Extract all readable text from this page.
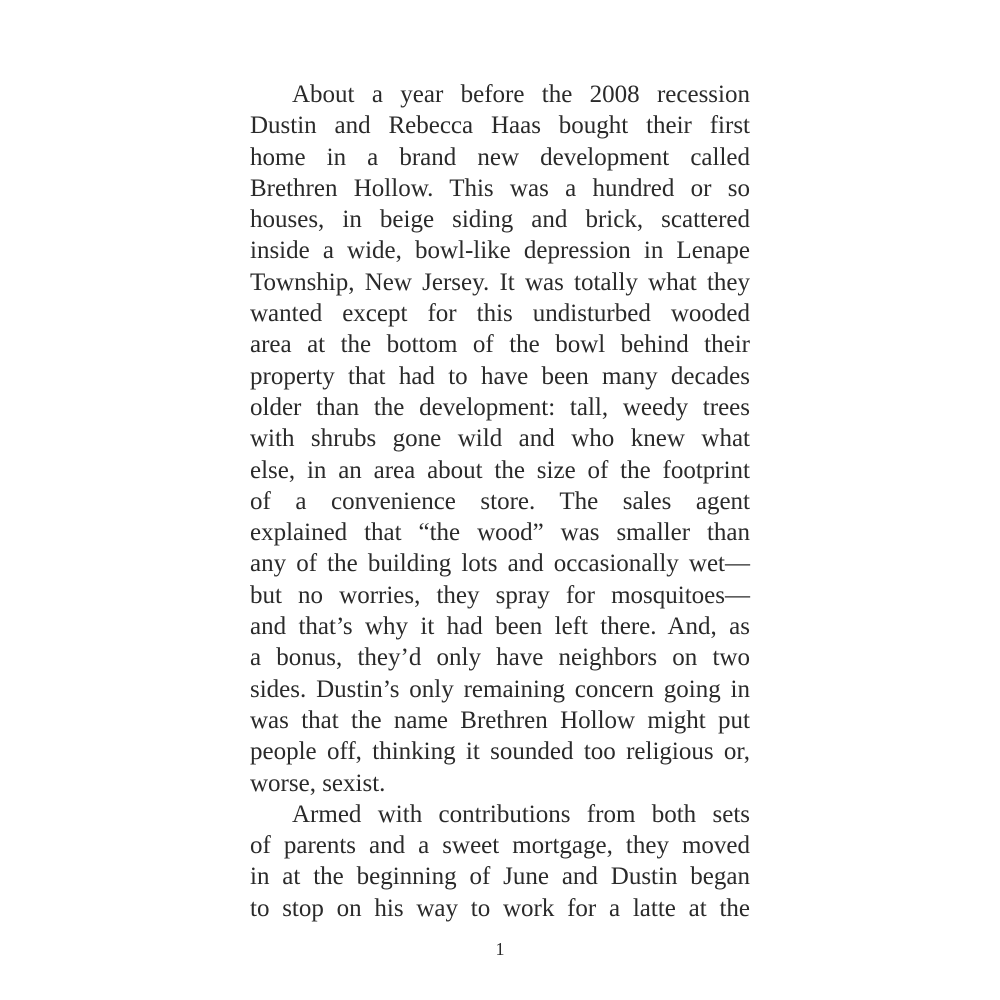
About a year before the 2008 recession
Dustin and Rebecca Haas bought their first
home in a brand new development called
Brethren Hollow. This was a hundred or so
houses, in beige siding and brick, scattered
inside a wide, bowl-like depression in Lenape
Township, New Jersey. It was totally what they
wanted except for this undisturbed wooded
area at the bottom of the bowl behind their
property that had to have been many decades
older than the development: tall, weedy trees
with shrubs gone wild and who knew what
else, in an area about the size of the footprint
of a convenience store. The sales agent
explained that “the wood” was smaller than
any of the building lots and occasionally wet—
but no worries, they spray for mosquitoes—
and that’s why it had been left there. And, as
a bonus, they’d only have neighbors on two
sides. Dustin’s only remaining concern going in
was that the name Brethren Hollow might put
people off, thinking it sounded too religious or,
worse, sexist.
Armed with contributions from both sets
of parents and a sweet mortgage, they moved
in at the beginning of June and Dustin began
to stop on his way to work for a latte at the
1
